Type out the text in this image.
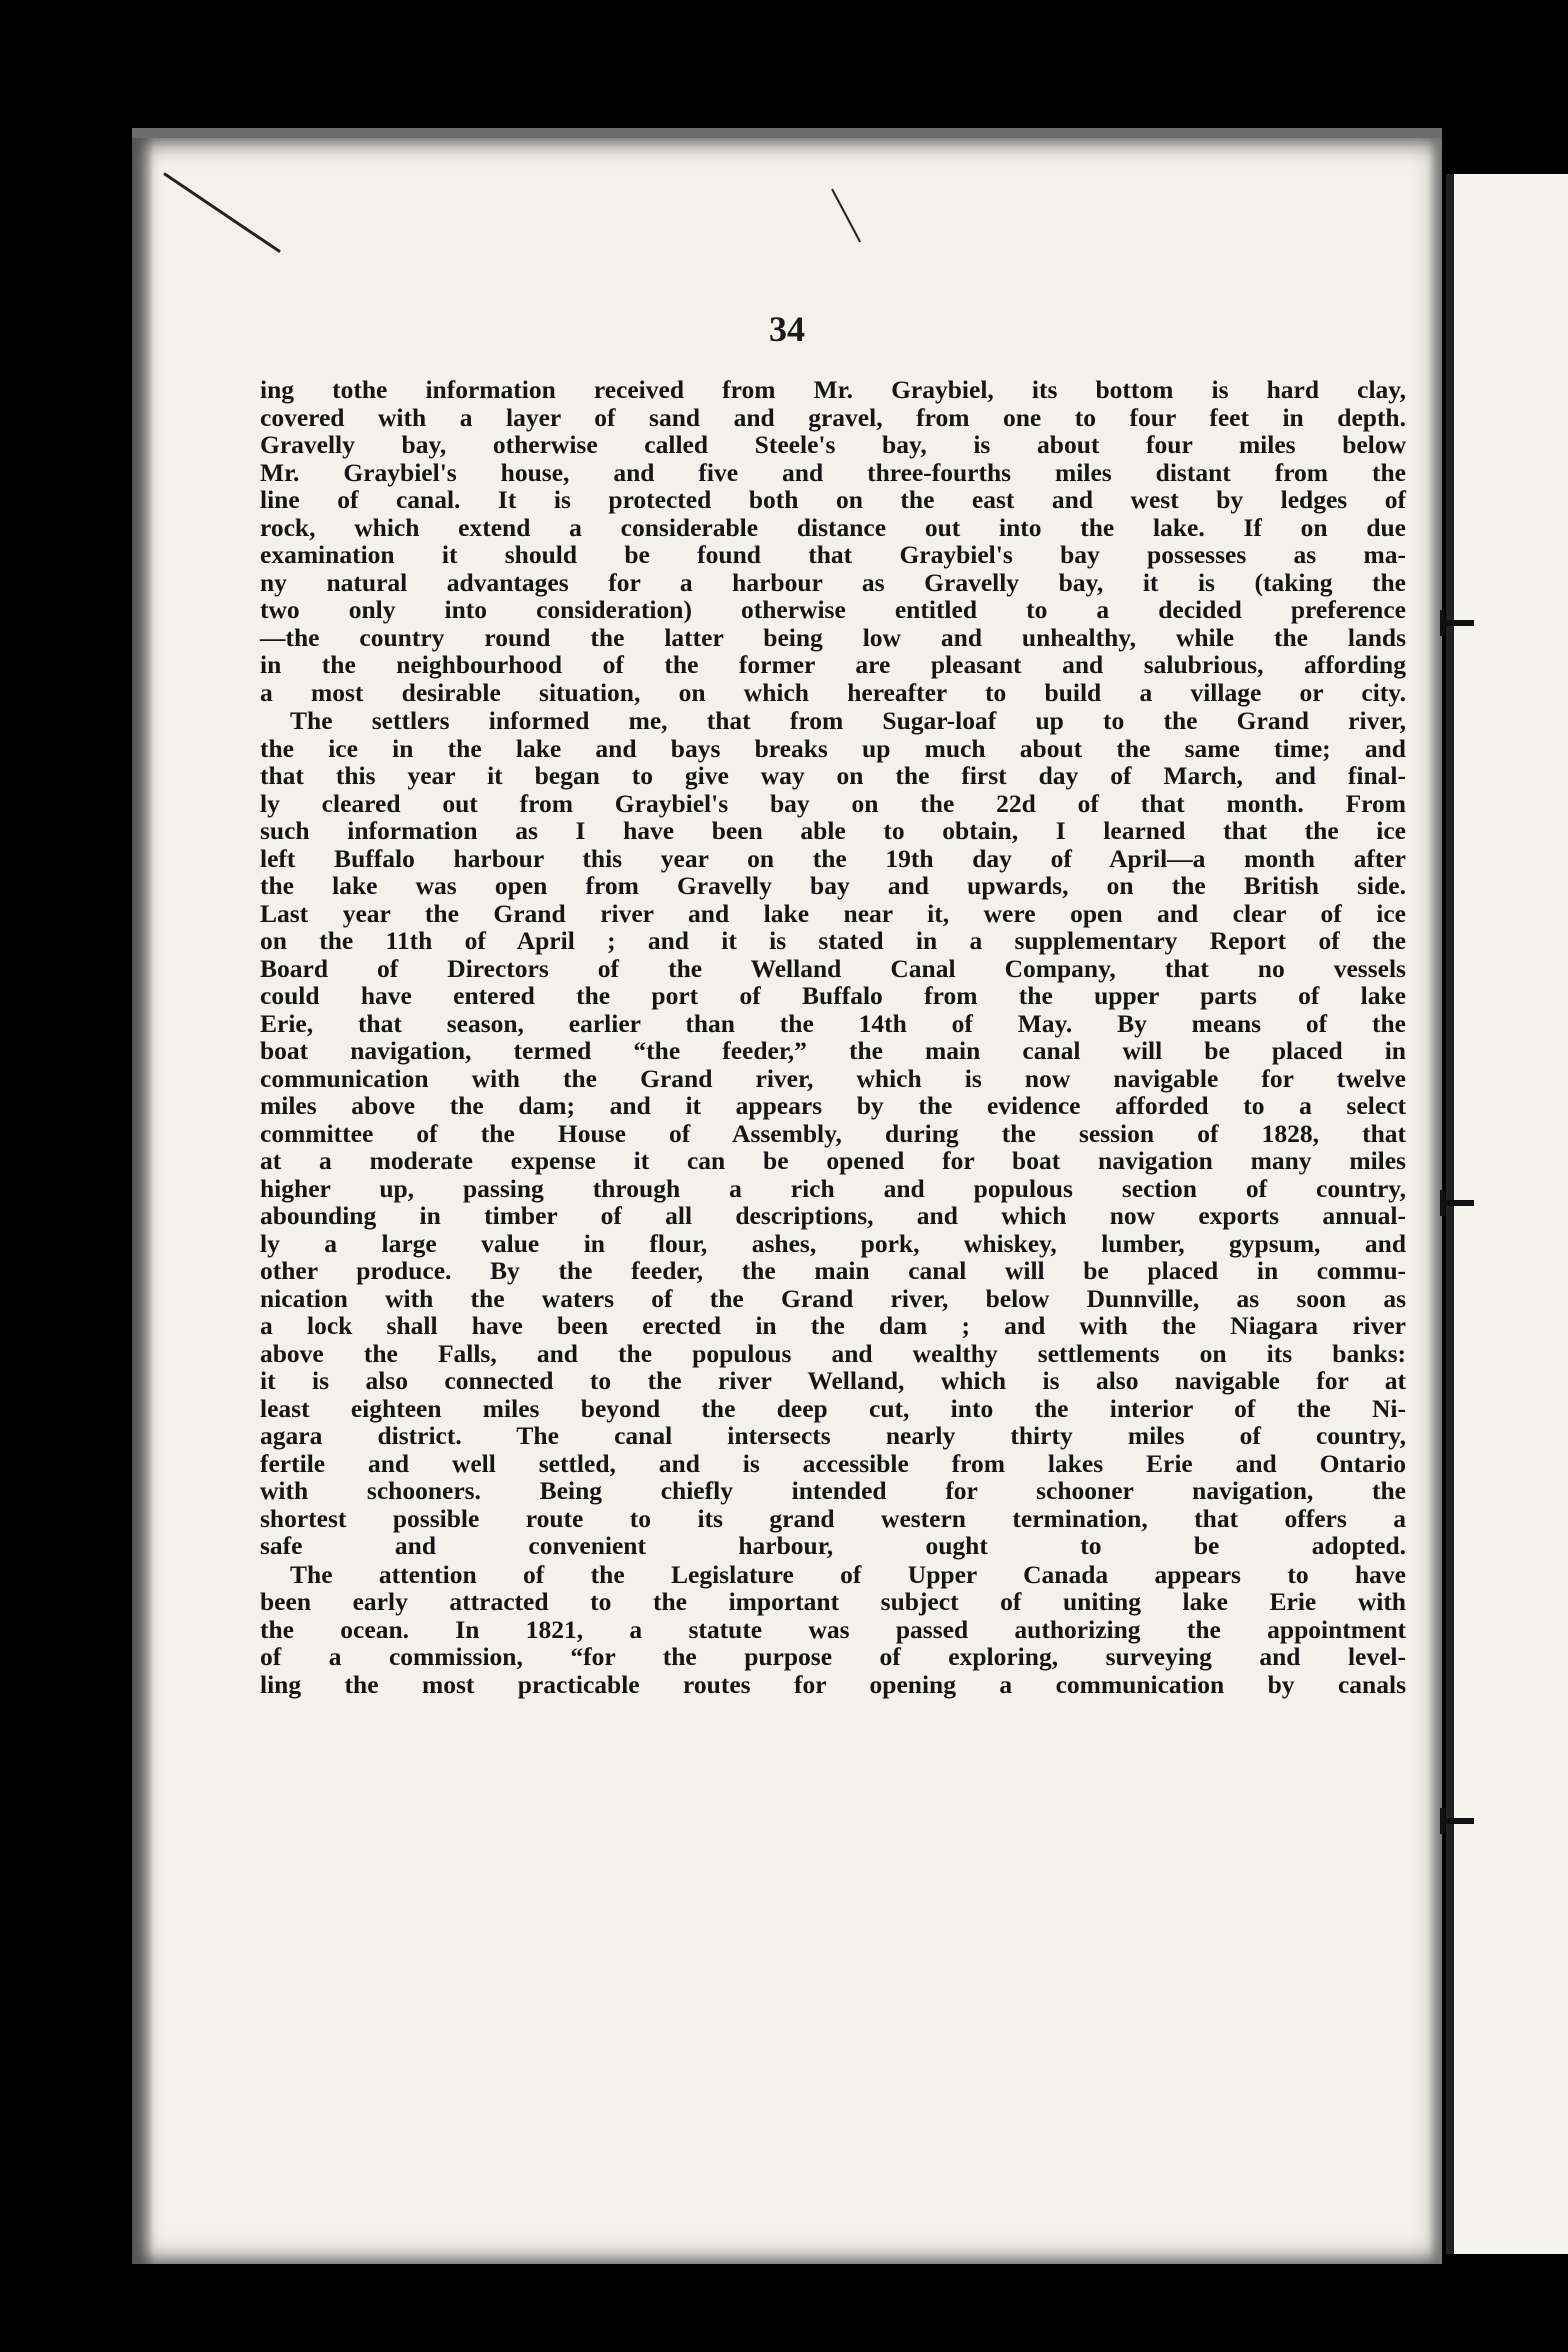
34

ing tothe information received from Mr. Graybiel, its bottom is hard clay,
covered with a layer of sand and gravel, from one to four feet in depth.
Gravelly bay, otherwise called Steele's bay, is about four miles below
Mr. Graybiel's house, and five and three-fourths miles distant from the
line of canal. It is protected both on the east and west by ledges of
rock, which extend a considerable distance out into the lake. If on due
examination it should be found that Graybiel's bay possesses as ma-
ny natural advantages for a harbour as Gravelly bay, it is (taking the
two only into consideration) otherwise entitled to a decided preference
—the country round the latter being low and unhealthy, while the lands
in the neighbourhood of the former are pleasant and salubrious, affording
a most desirable situation, on which hereafter to build a village or city.

The settlers informed me, that from Sugar-loaf up to the Grand river,
the ice in the lake and bays breaks up much about the same time; and
that this year it began to give way on the first day of March, and final-
ly cleared out from Graybiel's bay on the 22d of that month. From
such information as I have been able to obtain, I learned that the ice
left Buffalo harbour this year on the 19th day of April—a month after
the lake was open from Gravelly bay and upwards, on the British side.
Last year the Grand river and lake near it, were open and clear of ice
on the 11th of April ; and it is stated in a supplementary Report of the
Board of Directors of the Welland Canal Company, that no vessels
could have entered the port of Buffalo from the upper parts of lake
Erie, that season, earlier than the 14th of May. By means of the
boat navigation, termed “the feeder,” the main canal will be placed in
communication with the Grand river, which is now navigable for twelve
miles above the dam; and it appears by the evidence afforded to a select
committee of the House of Assembly, during the session of 1828, that
at a moderate expense it can be opened for boat navigation many miles
higher up, passing through a rich and populous section of country,
abounding in timber of all descriptions, and which now exports annual-
ly a large value in flour, ashes, pork, whiskey, lumber, gypsum, and
other produce. By the feeder, the main canal will be placed in commu-
nication with the waters of the Grand river, below Dunnville, as soon as
a lock shall have been erected in the dam ; and with the Niagara river
above the Falls, and the populous and wealthy settlements on its banks:
it is also connected to the river Welland, which is also navigable for at
least eighteen miles beyond the deep cut, into the interior of the Ni-
agara district. The canal intersects nearly thirty miles of country,
fertile and well settled, and is accessible from lakes Erie and Ontario
with schooners. Being chiefly intended for schooner navigation, the
shortest possible route to its grand western termination, that offers a
safe and convenient harbour, ought to be adopted.

The attention of the Legislature of Upper Canada appears to have
been early attracted to the important subject of uniting lake Erie with
the ocean. In 1821, a statute was passed authorizing the appointment
of a commission, “for the purpose of exploring, surveying and level-
ling the most practicable routes for opening a communication by canals
